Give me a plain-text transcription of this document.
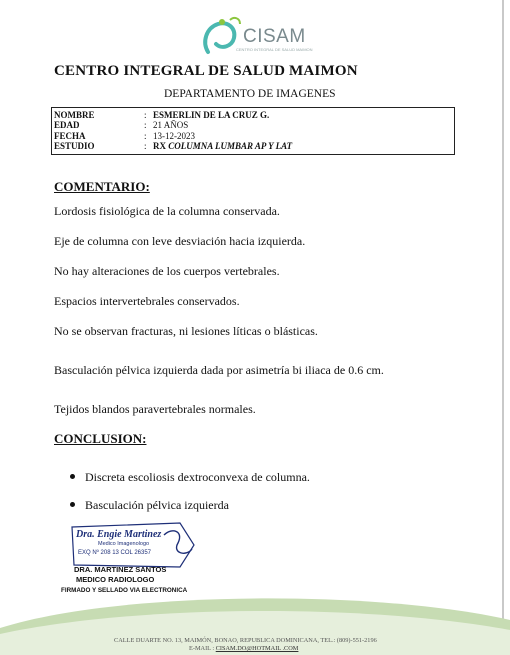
CISAM
CENTRO INTEGRAL DE SALUD MAIMON
CENTRO INTEGRAL DE SALUD MAIMON
DEPARTAMENTO DE IMAGENES
NOMBRE	: ESMERLIN DE LA CRUZ G.
EDAD	: 21 AÑOS
FECHA	: 13-12-2023
ESTUDIO	: RX COLUMNA LUMBAR AP Y LAT
COMENTARIO:
Lordosis fisiológica de la columna conservada.
Eje de columna con leve desviación hacia izquierda.
No hay alteraciones de los cuerpos vertebrales.
Espacios intervertebrales conservados.
No se observan fracturas, ni lesiones líticas o blásticas.
Basculación pélvica izquierda dada por asimetría bi iliaca de 0.6 cm.
Tejidos blandos paravertebrales normales.
CONCLUSION:
Discreta escoliosis dextroconvexa de columna.
Basculación pélvica izquierda
Dra. Engie Martinez
Medico Imagenologo
EXQ Nº 208 13 COL 26357
DRA. MARTINEZ SANTOS
MEDICO RADIOLOGO
FIRMADO Y SELLADO VIA ELECTRONICA
CALLE DUARTE NO. 13, MAIMÓN, BONAO, REPUBLICA DOMINICANA, TEL.: (809)-551-2196
E-MAIL : CISAM.DO@HOTMAIL .COM
